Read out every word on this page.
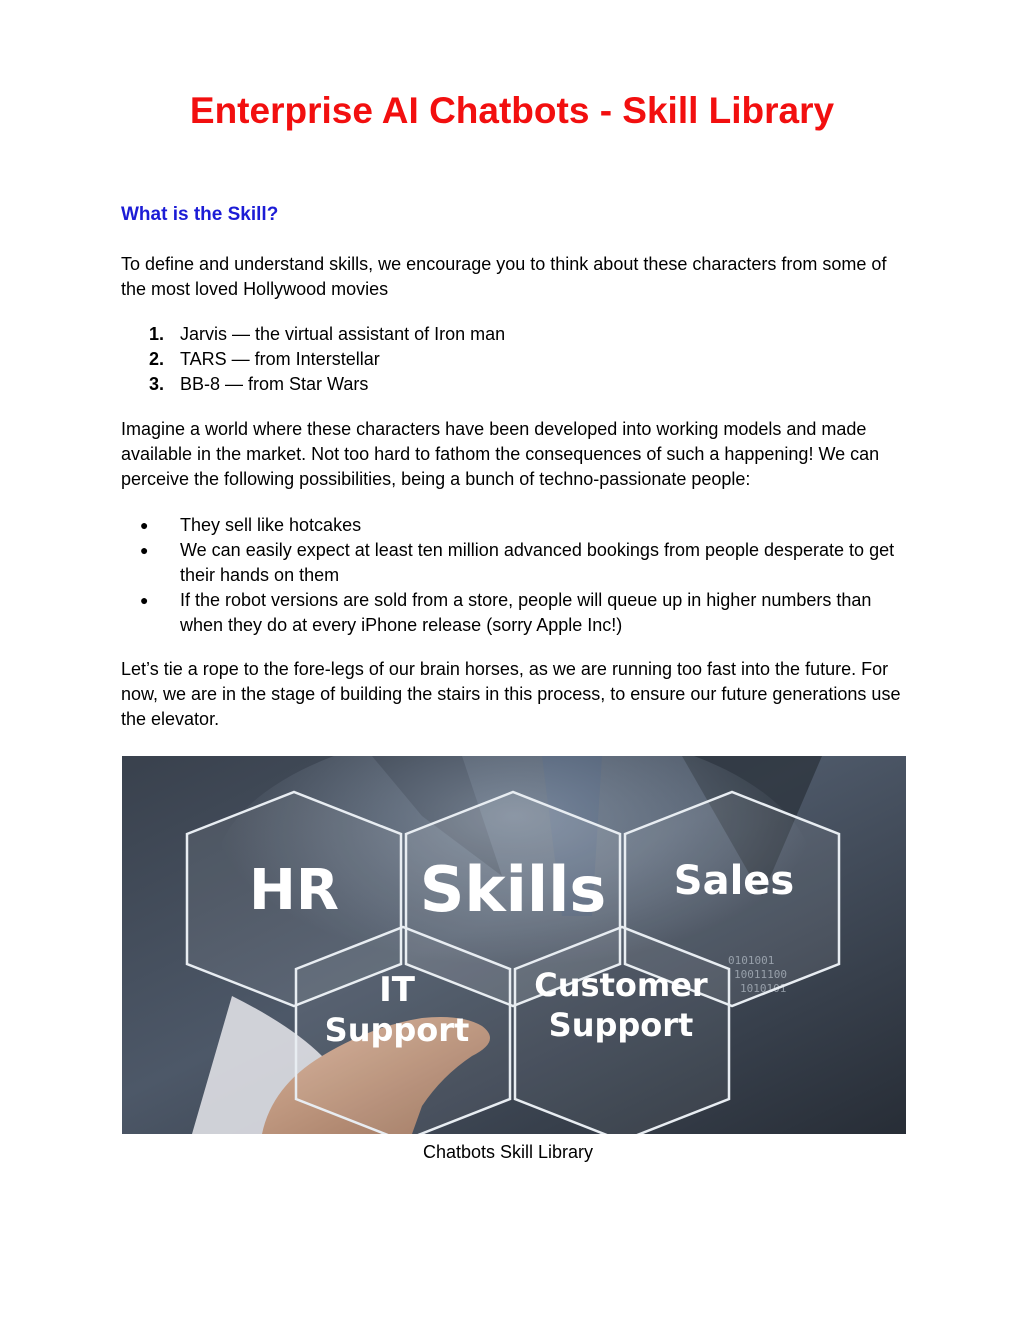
Enterprise AI Chatbots - Skill Library
What is the Skill?

To define and understand skills, we encourage you to think about these characters from some of the most loved Hollywood movies

1. Jarvis — the virtual assistant of Iron man
2. TARS — from Interstellar
3. BB-8 — from Star Wars

Imagine a world where these characters have been developed into working models and made available in the market. Not too hard to fathom the consequences of such a happening! We can perceive the following possibilities, being a bunch of techno-passionate people:

● They sell like hotcakes
● We can easily expect at least ten million advanced bookings from people desperate to get their hands on them
● If the robot versions are sold from a store, people will queue up in higher numbers than when they do at every iPhone release (sorry Apple Inc!)

Let’s tie a rope to the fore-legs of our brain horses, as we are running too fast into the future. For now, we are in the stage of building the stairs in this process, to ensure our future generations use the elevator.

0101001
10011100
1010101
HR Skills Sales
IT
Support
Customer
Support

Chatbots Skill Library
